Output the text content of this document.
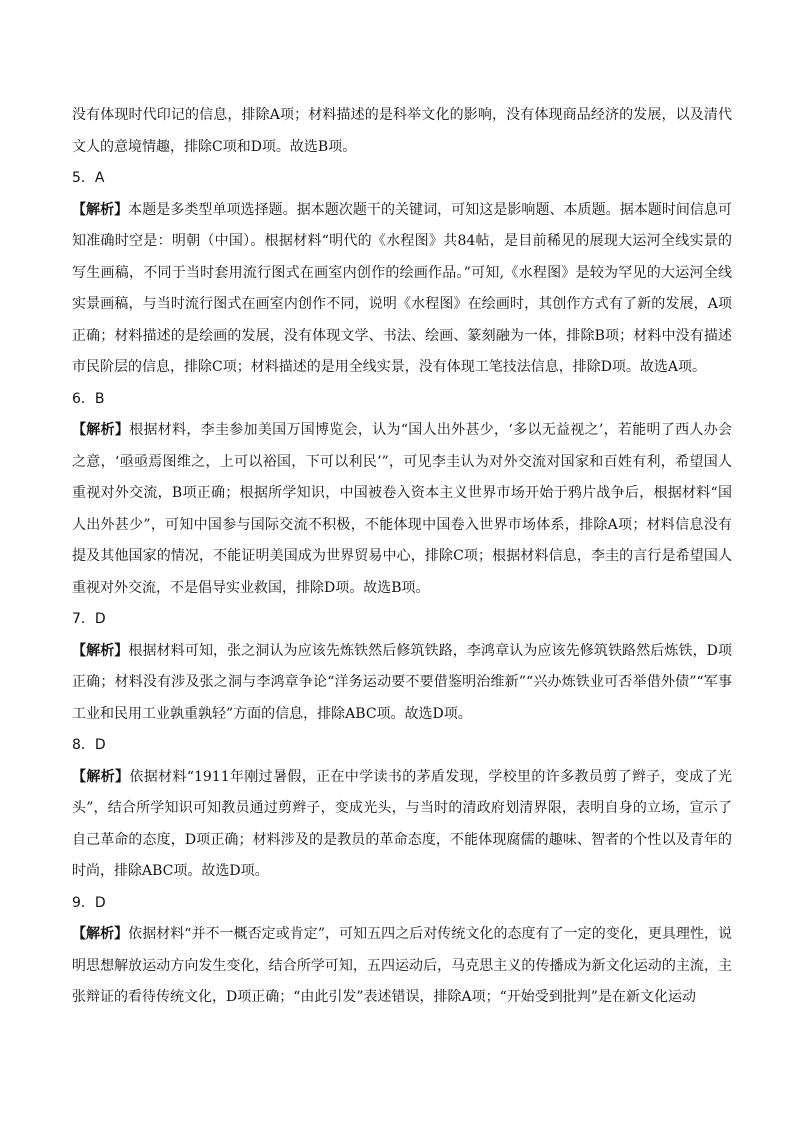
没有体现时代印记的信息，排除A项；材料描述的是科举文化的影响，没有体现商品经济的发展，以及清代文人的意境情趣，排除C项和D项。故选B项。

5．A

【解析】本题是多类型单项选择题。据本题次题干的关键词，可知这是影响题、本质题。据本题时间信息可知准确时空是：明朝（中国）。根据材料“明代的《水程图》共84帖，是目前稀见的展现大运河全线实景的写生画稿，不同于当时套用流行图式在画室内创作的绘画作品。”可知,《水程图》是较为罕见的大运河全线实景画稿，与当时流行图式在画室内创作不同，说明《水程图》在绘画时，其创作方式有了新的发展，A项正确；材料描述的是绘画的发展，没有体现文学、书法、绘画、篆刻融为一体，排除B项；材料中没有描述市民阶层的信息，排除C项；材料描述的是用全线实景，没有体现工笔技法信息，排除D项。故选A项。

6．B

【解析】根据材料，李圭参加美国万国博览会，认为“国人出外甚少，‘多以无益视之’，若能明了西人办会之意，‘亟亟焉图维之，上可以裕国，下可以利民’”，可见李圭认为对外交流对国家和百姓有利，希望国人重视对外交流，B项正确；根据所学知识，中国被卷入资本主义世界市场开始于鸦片战争后，根据材料“国人出外甚少”，可知中国参与国际交流不积极，不能体现中国卷入世界市场体系，排除A项；材料信息没有提及其他国家的情况，不能证明美国成为世界贸易中心，排除C项；根据材料信息，李圭的言行是希望国人重视对外交流，不是倡导实业救国，排除D项。故选B项。

7．D

【解析】根据材料可知，张之洞认为应该先炼铁然后修筑铁路，李鸿章认为应该先修筑铁路然后炼铁，D项正确；材料没有涉及张之洞与李鸿章争论“洋务运动要不要借鉴明治维新”“兴办炼铁业可否举借外债”“军事工业和民用工业孰重孰轻”方面的信息，排除ABC项。故选D项。

8．D

【解析】依据材料“1911年刚过暑假，正在中学读书的茅盾发现，学校里的许多教员剪了辫子，变成了光头”，结合所学知识可知教员通过剪辫子，变成光头，与当时的清政府划清界限，表明自身的立场，宣示了自己革命的态度，D项正确；材料涉及的是教员的革命态度，不能体现腐儒的趣味、智者的个性以及青年的时尚，排除ABC项。故选D项。

9．D

【解析】依据材料“并不一概否定或肯定”，可知五四之后对传统文化的态度有了一定的变化，更具理性，说明思想解放运动方向发生变化，结合所学可知，五四运动后，马克思主义的传播成为新文化运动的主流，主张辩证的看待传统文化，D项正确；“由此引发”表述错误，排除A项；“开始受到批判”是在新文化运动
